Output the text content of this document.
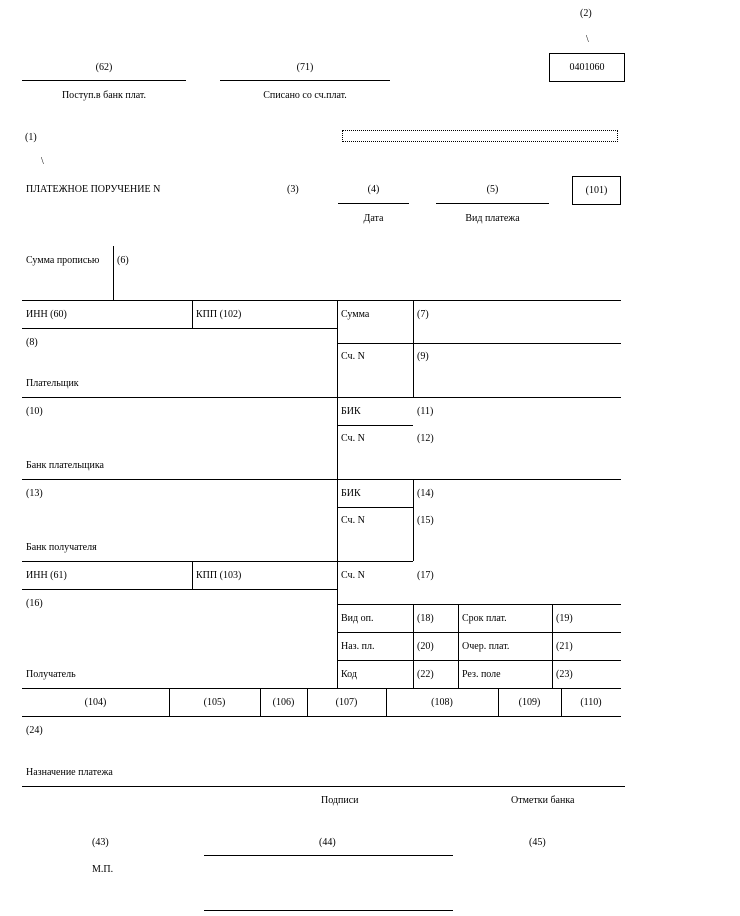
(2)
\
0401060
(62)
Поступ.в банк плат.
(71)
Списано со сч.плат.
(1)
\
ПЛАТЕЖНОЕ ПОРУЧЕНИЕ N	(3)	(4)
Дата
(5)
Вид платежа
(101)
Сумма прописью (6)
ИНН (60)	КПП (102)
(8)
Плательщик
Сумма	(7)
Сч. N	(9)
(10)
Банк плательщика
БИК	(11)
Сч. N	(12)
(13)
Банк получателя
БИК	(14)
Сч. N	(15)
ИНН (61)	КПП (103)	Сч. N	(17)
(16)
Получатель
Вид оп.	(18)	Срок плат.	(19)
Наз. пл.	(20)	Очер. плат.	(21)
Код	(22)	Рез. поле	(23)
(104)	(105)	(106)	(107)	(108)	(109)	(110)
(24)
Назначение платежа
Подписи	Отметки банка
(43)	(44)	(45)
М.П.
